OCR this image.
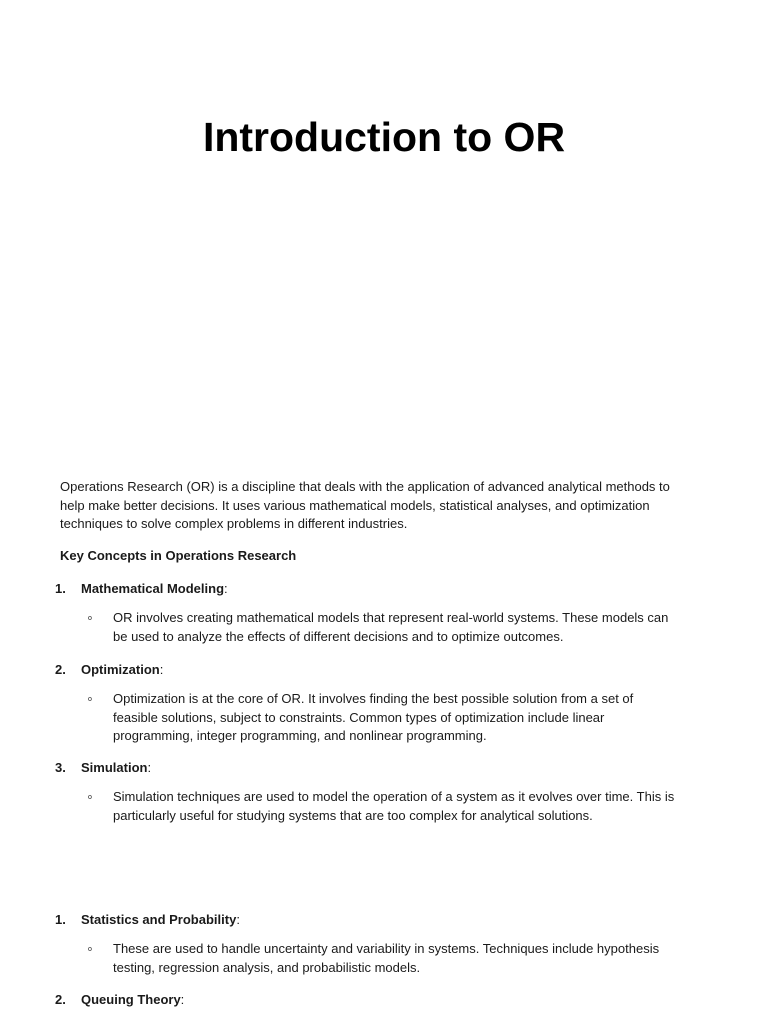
Introduction to OR

Operations Research (OR) is a discipline that deals with the application of advanced analytical methods to help make better decisions. It uses various mathematical models, statistical analyses, and optimization techniques to solve complex problems in different industries.

Key Concepts in Operations Research

1.	Mathematical Modeling:
o	OR involves creating mathematical models that represent real-world systems. These models can be used to analyze the effects of different decisions and to optimize outcomes.
2.	Optimization:
o	Optimization is at the core of OR. It involves finding the best possible solution from a set of feasible solutions, subject to constraints. Common types of optimization include linear programming, integer programming, and nonlinear programming.
3.	Simulation:
o	Simulation techniques are used to model the operation of a system as it evolves over time. This is particularly useful for studying systems that are too complex for analytical solutions.
1.	Statistics and Probability:
o	These are used to handle uncertainty and variability in systems. Techniques include hypothesis testing, regression analysis, and probabilistic models.
2.	Queuing Theory:
